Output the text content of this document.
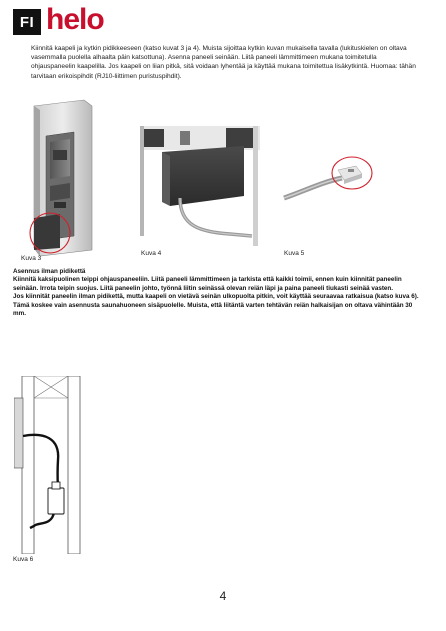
FI helo
Kiinnitä kaapeli ja kytkin pidikkeeseen (katso kuvat 3 ja 4). Muista sijoittaa kytkin kuvan mukaisella tavalla (lukituskielen on oltava vasemmalla puolella alhaalta päin katsottuna). Asenna paneeli seinään. Liitä paneeli lämmittimeen mukana toimitetulla ohjauspaneelin kaapelilla. Jos kaapeli on liian pitkä, sitä voidaan lyhentää ja käyttää mukana toimitettua lisäkytkintä. Huomaa: tähän tarvitaan erikoispihdit (RJ10-liittimen puristuspihdit).
Kuva 3
Kuva 4	Kuva 5

Asennus ilman pidikettä

Kiinnitä kaksipuolinen teippi ohjauspaneeliin. Liitä paneeli lämmittimeen ja tarkista että kaikki toimii, ennen kuin kiinnität paneelin seinään. Irrota teipin suojus. Liitä paneelin johto, työnnä liitin seinässä olevan reiän läpi ja paina paneeli tiukasti seinää vasten.

Jos kiinnität paneelin ilman pidikettä, mutta kaapeli on vietävä seinän ulkopuolta pitkin, voit käyttää seuraavaa ratkaisua (katso kuva 6). Tämä koskee vain asennusta saunahuoneen sisäpuolelle. Muista, että liitäntä varten tehtävän reiän halkaisijan on oltava vähintään 30 mm.

Kuva 6
4
